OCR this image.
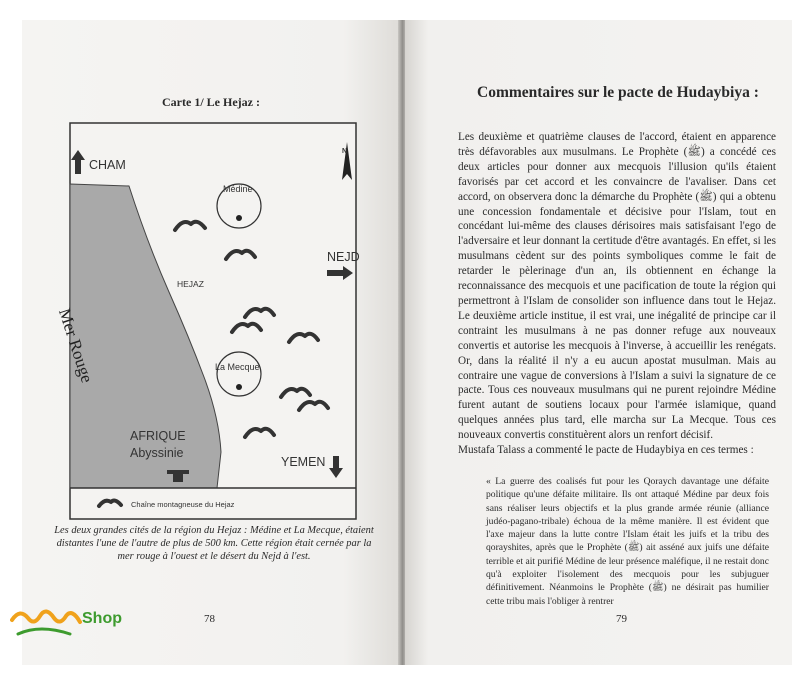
Carte 1/ Le Hejaz :
CHAM
N
Médine
HEJAZ
NEJD
Mer Rouge	La Mecque
AFRIQUE
Abyssinie
YEMEN
Chaîne montagneuse du Hejaz
Les deux grandes cités de la région du Hejaz : Médine et La Mecque, étaient distantes l'une de l'autre de plus de 500 km. Cette région était cernée par la mer rouge à l'ouest et le désert du Nejd à l'est.
78
Commentaires sur le pacte de Hudaybiya :

Les deuxième et quatrième clauses de l'accord, étaient en apparence très défavorables aux musulmans. Le Prophète (ﷺ) a concédé ces deux articles pour donner aux mecquois l'illusion qu'ils étaient favorisés par cet accord et les convaincre de l'avaliser. Dans cet accord, on observera donc la démarche du Prophète (ﷺ) qui a obtenu une concession fondamentale et décisive pour l'Islam, tout en concédant lui-même des clauses dérisoires mais satisfaisant l'ego de l'adversaire et leur donnant la certitude d'être avantagés. En effet, si les musulmans cèdent sur des points symboliques comme le fait de retarder le pèlerinage d'un an, ils obtiennent en échange la reconnaissance des mecquois et une pacification de toute la région qui permettront à l'Islam de consolider son influence dans tout le Hejaz. Le deuxième article institue, il est vrai, une inégalité de principe car il contraint les musulmans à ne pas donner refuge aux nouveaux convertis et autorise les mecquois à l'inverse, à accueillir les renégats. Or, dans la réalité il n'y a eu aucun apostat musulman. Mais au contraire une vague de conversions à l'Islam a suivi la signature de ce pacte. Tous ces nouveaux musulmans qui ne purent rejoindre Médine furent autant de soutiens locaux pour l'armée islamique, quand quelques années plus tard, elle marcha sur La Mecque. Tous ces nouveaux convertis constituèrent alors un renfort décisif.

Mustafa Talass a commenté le pacte de Hudaybiya en ces termes :

« La guerre des coalisés fut pour les Qoraych davantage une défaite politique qu'une défaite militaire. Ils ont attaqué Médine par deux fois sans réaliser leurs objectifs et la plus grande armée réunie (alliance judéo-pagano-tribale) échoua de la même manière. Il est évident que l'axe majeur dans la lutte contre l'Islam était les juifs et la tribu des qorayshites, après que le Prophète (ﷺ) ait asséné aux juifs une défaite terrible et ait purifié Médine de leur présence maléfique, il ne restait donc qu'à exploiter l'isolement des mecquois pour les subjuguer définitivement. Néanmoins le Prophète (ﷺ) ne désirait pas humilier cette tribu mais l'obliger à rentrer
79
Shop
